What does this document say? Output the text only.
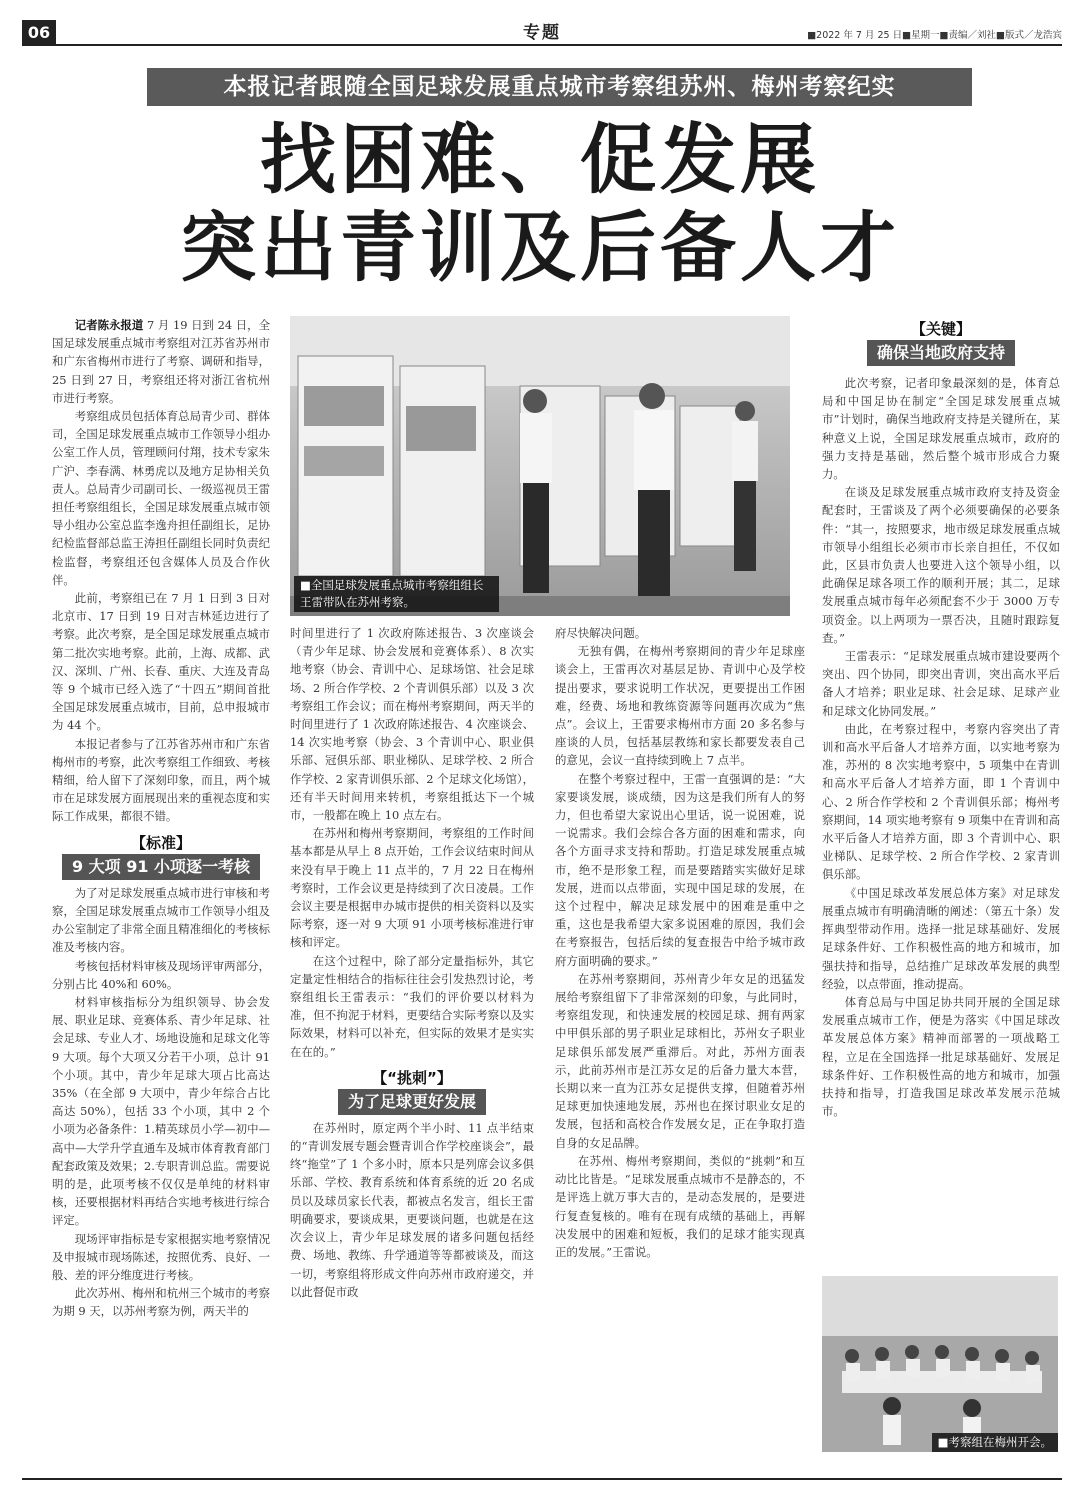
06	专题	■2022 年 7 月 25 日■星期一■责编／刘社■版式／龙浩宾
本报记者跟随全国足球发展重点城市考察组苏州、梅州考察纪实
找困难、促发展
突出青训及后备人才

记者陈永报道 7 月 19 日到 24 日，全国足球发展重点城市考察组对江苏省苏州市和广东省梅州市进行了考察、调研和指导，25 日到 27 日，考察组还将对浙江省杭州市进行考察。

考察组成员包括体育总局青少司、群体司，全国足球发展重点城市工作领导小组办公室工作人员，管理顾问付翔，技术专家朱广沪、李春满、林勇虎以及地方足协相关负责人。总局青少司副司长、一级巡视员王雷担任考察组组长，全国足球发展重点城市领导小组办公室总监李逸舟担任副组长，足协纪检监督部总监王涛担任副组长同时负责纪检监督，考察组还包含媒体人员及合作伙伴。

此前，考察组已在 7 月 1 日到 3 日对北京市、17 日到 19 日对吉林延边进行了考察。此次考察，是全国足球发展重点城市第二批次实地考察。此前，上海、成都、武汉、深圳、广州、长春、重庆、大连及青岛等 9 个城市已经入选了“十四五”期间首批全国足球发展重点城市，目前，总申报城市为 44 个。

本报记者参与了江苏省苏州市和广东省梅州市的考察，此次考察组工作细致、考核精细，给人留下了深刻印象，而且，两个城市在足球发展方面展现出来的重视态度和实际工作成果，都很不错。

【标准】
9 大项 91 小项逐一考核

为了对足球发展重点城市进行审核和考察，全国足球发展重点城市工作领导小组及办公室制定了非常全面且精准细化的考核标准及考核内容。

考核包括材料审核及现场评审两部分，分别占比 40%和 60%。

材料审核指标分为组织领导、协会发展、职业足球、竞赛体系、青少年足球、社会足球、专业人才、场地设施和足球文化等 9 大项。每个大项又分若干小项，总计 91 个小项。其中，青少年足球大项占比高达 35%（在全部 9 大项中，青少年综合占比高达 50%），包括 33 个小项，其中 2 个小项为必备条件：1.精英球员小学—初中—高中—大学升学直通车及城市体育教育部门配套政策及效果；2.专职青训总监。需要说明的是，此项考核不仅仅是单纯的材料审核，还要根据材料再结合实地考核进行综合评定。

现场评审指标是专家根据实地考察情况及申报城市现场陈述，按照优秀、良好、一般、差的评分维度进行考核。

此次苏州、梅州和杭州三个城市的考察为期 9 天，以苏州考察为例，两天半的

■全国足球发展重点城市考察组组长王雷带队在苏州考察。

时间里进行了 1 次政府陈述报告、3 次座谈会（青少年足球、协会发展和竞赛体系）、8 次实地考察（协会、青训中心、足球场馆、社会足球场、2 所合作学校、2 个青训俱乐部）以及 3 次考察组工作会议；而在梅州考察期间，两天半的时间里进行了 1 次政府陈述报告、4 次座谈会、14 次实地考察（协会、3 个青训中心、职业俱乐部、冠俱乐部、职业梯队、足球学校、2 所合作学校、2 家青训俱乐部、2 个足球文化场馆），还有半天时间用来转机，考察组抵达下一个城市，一般都在晚上 10 点左右。

在苏州和梅州考察期间，考察组的工作时间基本都是从早上 8 点开始，工作会议结束时间从来没有早于晚上 11 点半的，7 月 22 日在梅州考察时，工作会议更是持续到了次日凌晨。工作会议主要是根据申办城市提供的相关资料以及实际考察，逐一对 9 大项 91 小项考核标准进行审核和评定。

在这个过程中，除了部分定量指标外，其它定量定性相结合的指标往往会引发热烈讨论，考察组组长王雷表示：“我们的评价要以材料为准，但不拘泥于材料，更要结合实际考察以及实际效果，材料可以补充，但实际的效果才是实实在在的。”

【“挑刺”】
为了足球更好发展

在苏州时，原定两个半小时、11 点半结束的“青训发展专题会暨青训合作学校座谈会”，最终“拖堂”了 1 个多小时，原本只是列席会议多俱乐部、学校、教育系统和体育系统的近 20 名成员以及球员家长代表，都被点名发言，组长王雷明确要求，要谈成果，更要谈问题，也就是在这次会议上，青少年足球发展的诸多问题包括经费、场地、教练、升学通道等等都被谈及，而这一切，考察组将形成文件向苏州市政府递交，并以此督促市政

府尽快解决问题。

无独有偶，在梅州考察期间的青少年足球座谈会上，王雷再次对基层足协、青训中心及学校提出要求，要求说明工作状况，更要提出工作困难，经费、场地和教练资源等问题再次成为“焦点”。会议上，王雷要求梅州市方面 20 多名参与座谈的人员，包括基层教练和家长都要发表自己的意见，会议一直持续到晚上 7 点半。

在整个考察过程中，王雷一直强调的是：“大家要谈发展，谈成绩，因为这是我们所有人的努力，但也希望大家说出心里话，说一说困难，说一说需求。我们会综合各方面的困难和需求，向各个方面寻求支持和帮助。打造足球发展重点城市，绝不是形象工程，而是要踏踏实实做好足球发展，进而以点带面，实现中国足球的发展，在这个过程中，解决足球发展中的困难是重中之重，这也是我希望大家多说困难的原因，我们会在考察报告，包括后续的复查报告中给予城市政府方面明确的要求。”

在苏州考察期间，苏州青少年女足的迅猛发展给考察组留下了非常深刻的印象，与此同时，考察组发现，和快速发展的校园足球、拥有两家中甲俱乐部的男子职业足球相比，苏州女子职业足球俱乐部发展严重滞后。对此，苏州方面表示，此前苏州市是江苏女足的后备力量大本营，长期以来一直为江苏女足提供支撑，但随着苏州足球更加快速地发展，苏州也在探讨职业女足的发展，包括和高校合作发展女足，正在争取打造自身的女足品牌。

在苏州、梅州考察期间，类似的“挑刺”和互动比比皆是。“足球发展重点城市不是静态的，不是评选上就万事大吉的，是动态发展的，是要进行复查复核的。唯有在现有成绩的基础上，再解决发展中的困难和短板，我们的足球才能实现真正的发展。”王雷说。

【关键】
确保当地政府支持

此次考察，记者印象最深刻的是，体育总局和中国足协在制定“全国足球发展重点城市”计划时，确保当地政府支持是关键所在，某种意义上说，全国足球发展重点城市，政府的强力支持是基础，然后整个城市形成合力聚力。

在谈及足球发展重点城市政府支持及资金配套时，王雷谈及了两个必须要确保的必要条件：“其一，按照要求，地市级足球发展重点城市领导小组组长必须市市长亲自担任，不仅如此，区县市负责人也要进入这个领导小组，以此确保足球各项工作的顺利开展；其二，足球发展重点城市每年必须配套不少于 3000 万专项资金。以上两项为一票否决，且随时跟踪复查。”

王雷表示：“足球发展重点城市建设要两个突出、四个协同，即突出青训，突出高水平后备人才培养；职业足球、社会足球、足球产业和足球文化协同发展。”

由此，在考察过程中，考察内容突出了青训和高水平后备人才培养方面，以实地考察为准，苏州的 8 次实地考察中，5 项集中在青训和高水平后备人才培养方面，即 1 个青训中心、2 所合作学校和 2 个青训俱乐部；梅州考察期间，14 项实地考察有 9 项集中在青训和高水平后备人才培养方面，即 3 个青训中心、职业梯队、足球学校、2 所合作学校、2 家青训俱乐部。

《中国足球改革发展总体方案》对足球发展重点城市有明确清晰的阐述：（第五十条）发挥典型带动作用。选择一批足球基础好、发展足球条件好、工作积极性高的地方和城市，加强扶持和指导，总结推广足球改革发展的典型经验，以点带面，推动提高。

体育总局与中国足协共同开展的全国足球发展重点城市工作，便是为落实《中国足球改革发展总体方案》精神而部署的一项战略工程，立足在全国选择一批足球基础好、发展足球条件好、工作积极性高的地方和城市，加强扶持和指导，打造我国足球改革发展示范城市。

■考察组在梅州开会。
